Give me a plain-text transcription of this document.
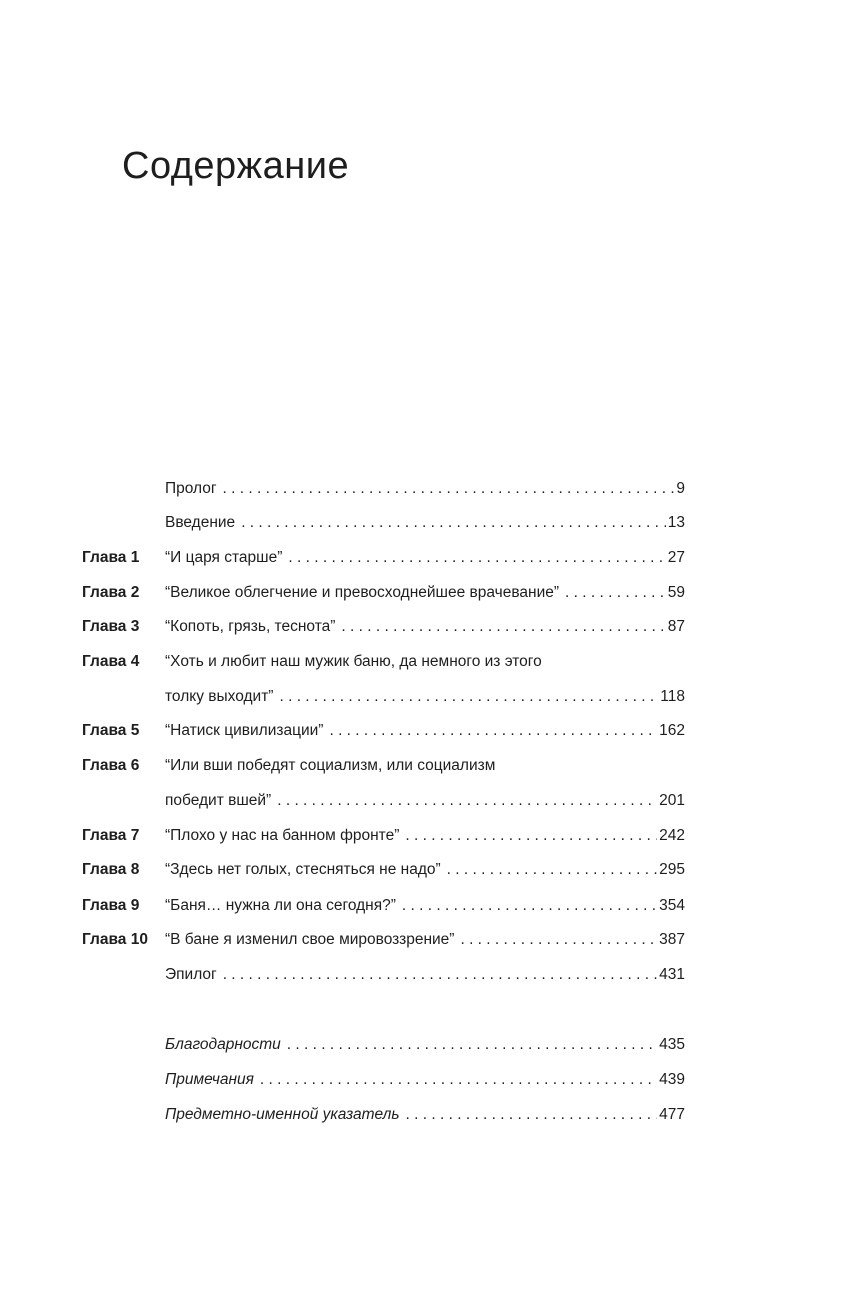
Содержание
Пролог . . .	9
Введение . . .	13
Глава 1 “И царя старше” . . .	27
Глава 2 “Великое облегчение и превосходнейшее врачевание” . . .	59
Глава 3 “Копоть, грязь, теснота” . . .	87
Глава 4 “Хоть и любит наш мужик баню, да немного из этого
толку выходит” . . .	118
Глава 5 “Натиск цивилизации” . . .	162
Глава 6 “Или вши победят социализм, или социализм
победит вшей” . . .	201
Глава 7 “Плохо у нас на банном фронте” . . .	242
Глава 8 “Здесь нет голых, стесняться не надо” . . .	295
Глава 9 “Баня… нужна ли она сегодня?” . . .	354
Глава 10 “В бане я изменил свое мировоззрение” . . .	387
Эпилог . . .	431
Благодарности . . .	435
Примечания . . .	439
Предметно-именной указатель . . .	477
